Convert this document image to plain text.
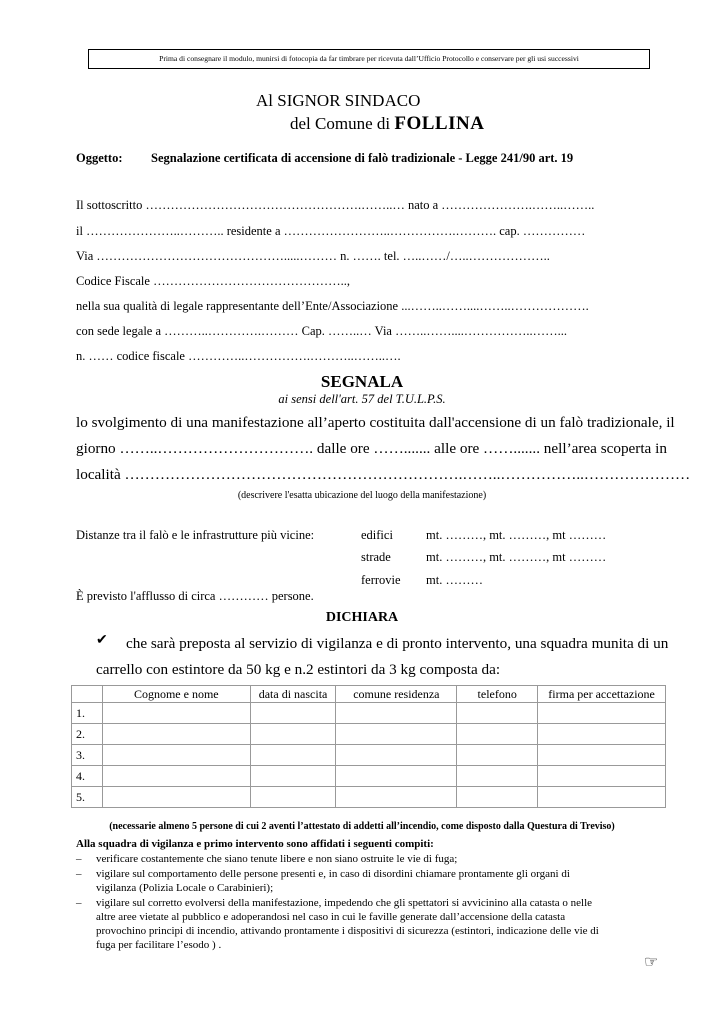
Prima di consegnare il modulo, munirsi di fotocopia da far timbrare per ricevuta dall’Ufficio Protocollo e conservare per gli usi successivi
Al SIGNOR SINDACO
del Comune di FOLLINA
Oggetto: Segnalazione certificata di accensione di falò tradizionale - Legge 241/90 art. 19
Il sottoscritto …………………………………………….……..… nato a ………………….……..……..
il …………………..……….. residente a ……………………..…………….………. cap. ……………
Via ……………………………………….....……… n. ……. tel. …..……/…..………………..
Codice Fiscale ………………………………………..,
nella sua qualità di legale rappresentante dell’Ente/Associazione ...……..……....……..……………….
con sede legale a ………..………….……… Cap. ……..… Via ……..……....……………..……...
n. …… codice fiscale …………..…………….………..……..….
SEGNALA
ai sensi dell'art. 57 del T.U.L.P.S.
lo svolgimento di una manifestazione all’aperto costituita dall'accensione di un falò tradizionale, il
giorno ……..…………………………. dalle ore ……....... alle ore ……....... nell’area scoperta in
località ………………………………………………………….……..……………..…………………
(descrivere l'esatta ubicazione del luogo della manifestazione)
Distanze tra il falò e le infrastrutture più vicine:	edifici	mt. ………, mt. ………, mt ………
strade	mt. ………, mt. ………, mt ………
ferrovie mt. ………
È previsto l'afflusso di circa ………… persone.
DICHIARA
✔ che sarà preposta al servizio di vigilanza e di pronto intervento, una squadra munita di un
carrello con estintore da 50 kg e n.2 estintori da 3 kg composta da:
	Cognome e nome	data di nascita	comune residenza	telefono	firma per accettazione
1.					
2.					
3.					
4.					
5.					
(necessarie almeno 5 persone di cui 2 aventi l’attestato di addetti all’incendio, come disposto dalla Questura di Treviso)
Alla squadra di vigilanza e primo intervento sono affidati i seguenti compiti:
– verificare costantemente che siano tenute libere e non siano ostruite le vie di fuga;
– vigilare sul comportamento delle persone presenti e, in caso di disordini chiamare prontamente gli organi di
vigilanza (Polizia Locale o Carabinieri);
– vigilare sul corretto evolversi della manifestazione, impedendo che gli spettatori si avvicinino alla catasta o nelle
altre aree vietate al pubblico e adoperandosi nel caso in cui le faville generate dall’accensione della catasta
provochino principi di incendio, attivando prontamente i dispositivi di sicurezza (estintori, indicazione delle vie di
fuga per facilitare l’esodo ) .
☞
